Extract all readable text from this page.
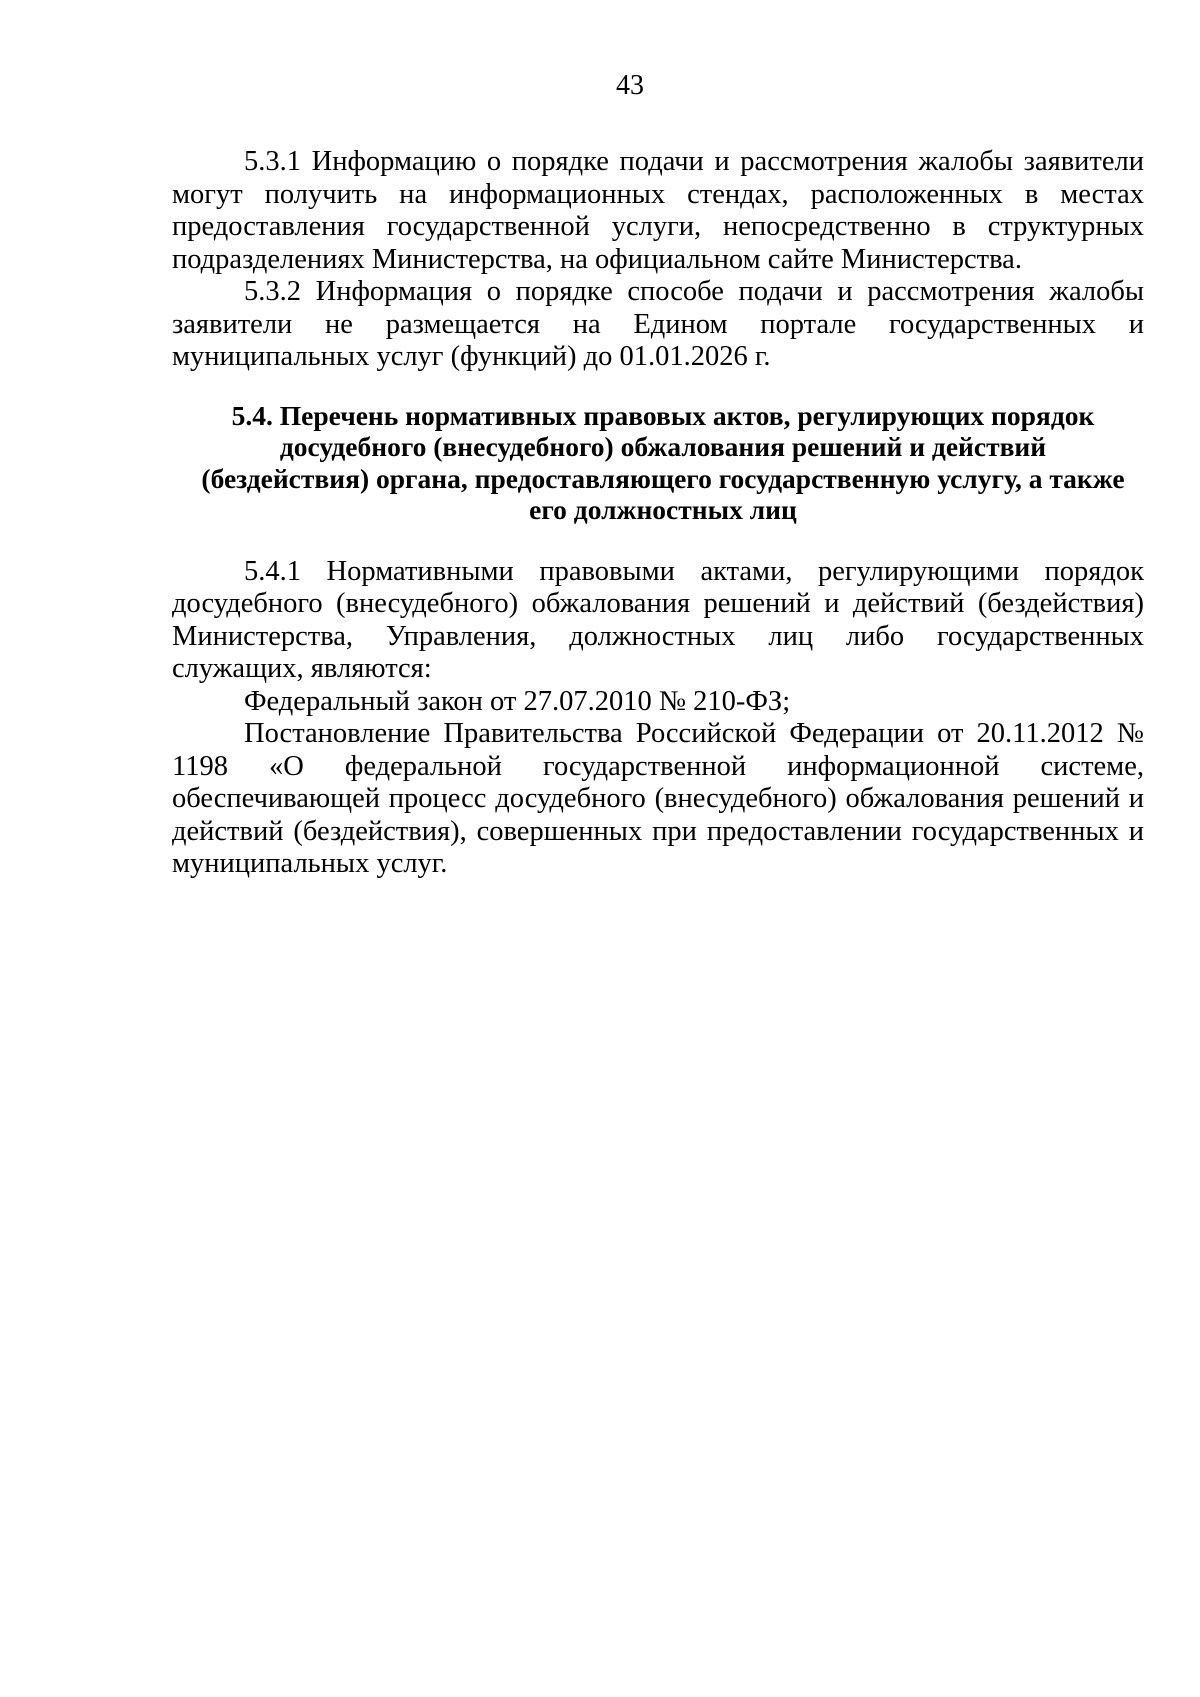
43

5.3.1 Информацию о порядке подачи и рассмотрения жалобы заявители могут получить на информационных стендах, расположенных в местах предоставления государственной услуги, непосредственно в структурных подразделениях Министерства, на официальном сайте Министерства.

5.3.2 Информация о порядке способе подачи и рассмотрения жалобы заявители не размещается на Едином портале государственных и муниципальных услуг (функций) до 01.01.2026 г.

5.4. Перечень нормативных правовых актов, регулирующих порядок

досудебного (внесудебного) обжалования решений и действий

(бездействия) органа, предоставляющего государственную услугу, а также

его должностных лиц

5.4.1 Нормативными правовыми актами, регулирующими порядок досудебного (внесудебного) обжалования решений и действий (бездействия) Министерства, Управления, должностных лиц либо государственных служащих, являются:

Федеральный закон от 27.07.2010 № 210-ФЗ;

Постановление Правительства Российской Федерации от 20.11.2012 № 1198 «О федеральной государственной информационной системе, обеспечивающей процесс досудебного (внесудебного) обжалования решений и действий (бездействия), совершенных при предоставлении государственных и муниципальных услуг.
